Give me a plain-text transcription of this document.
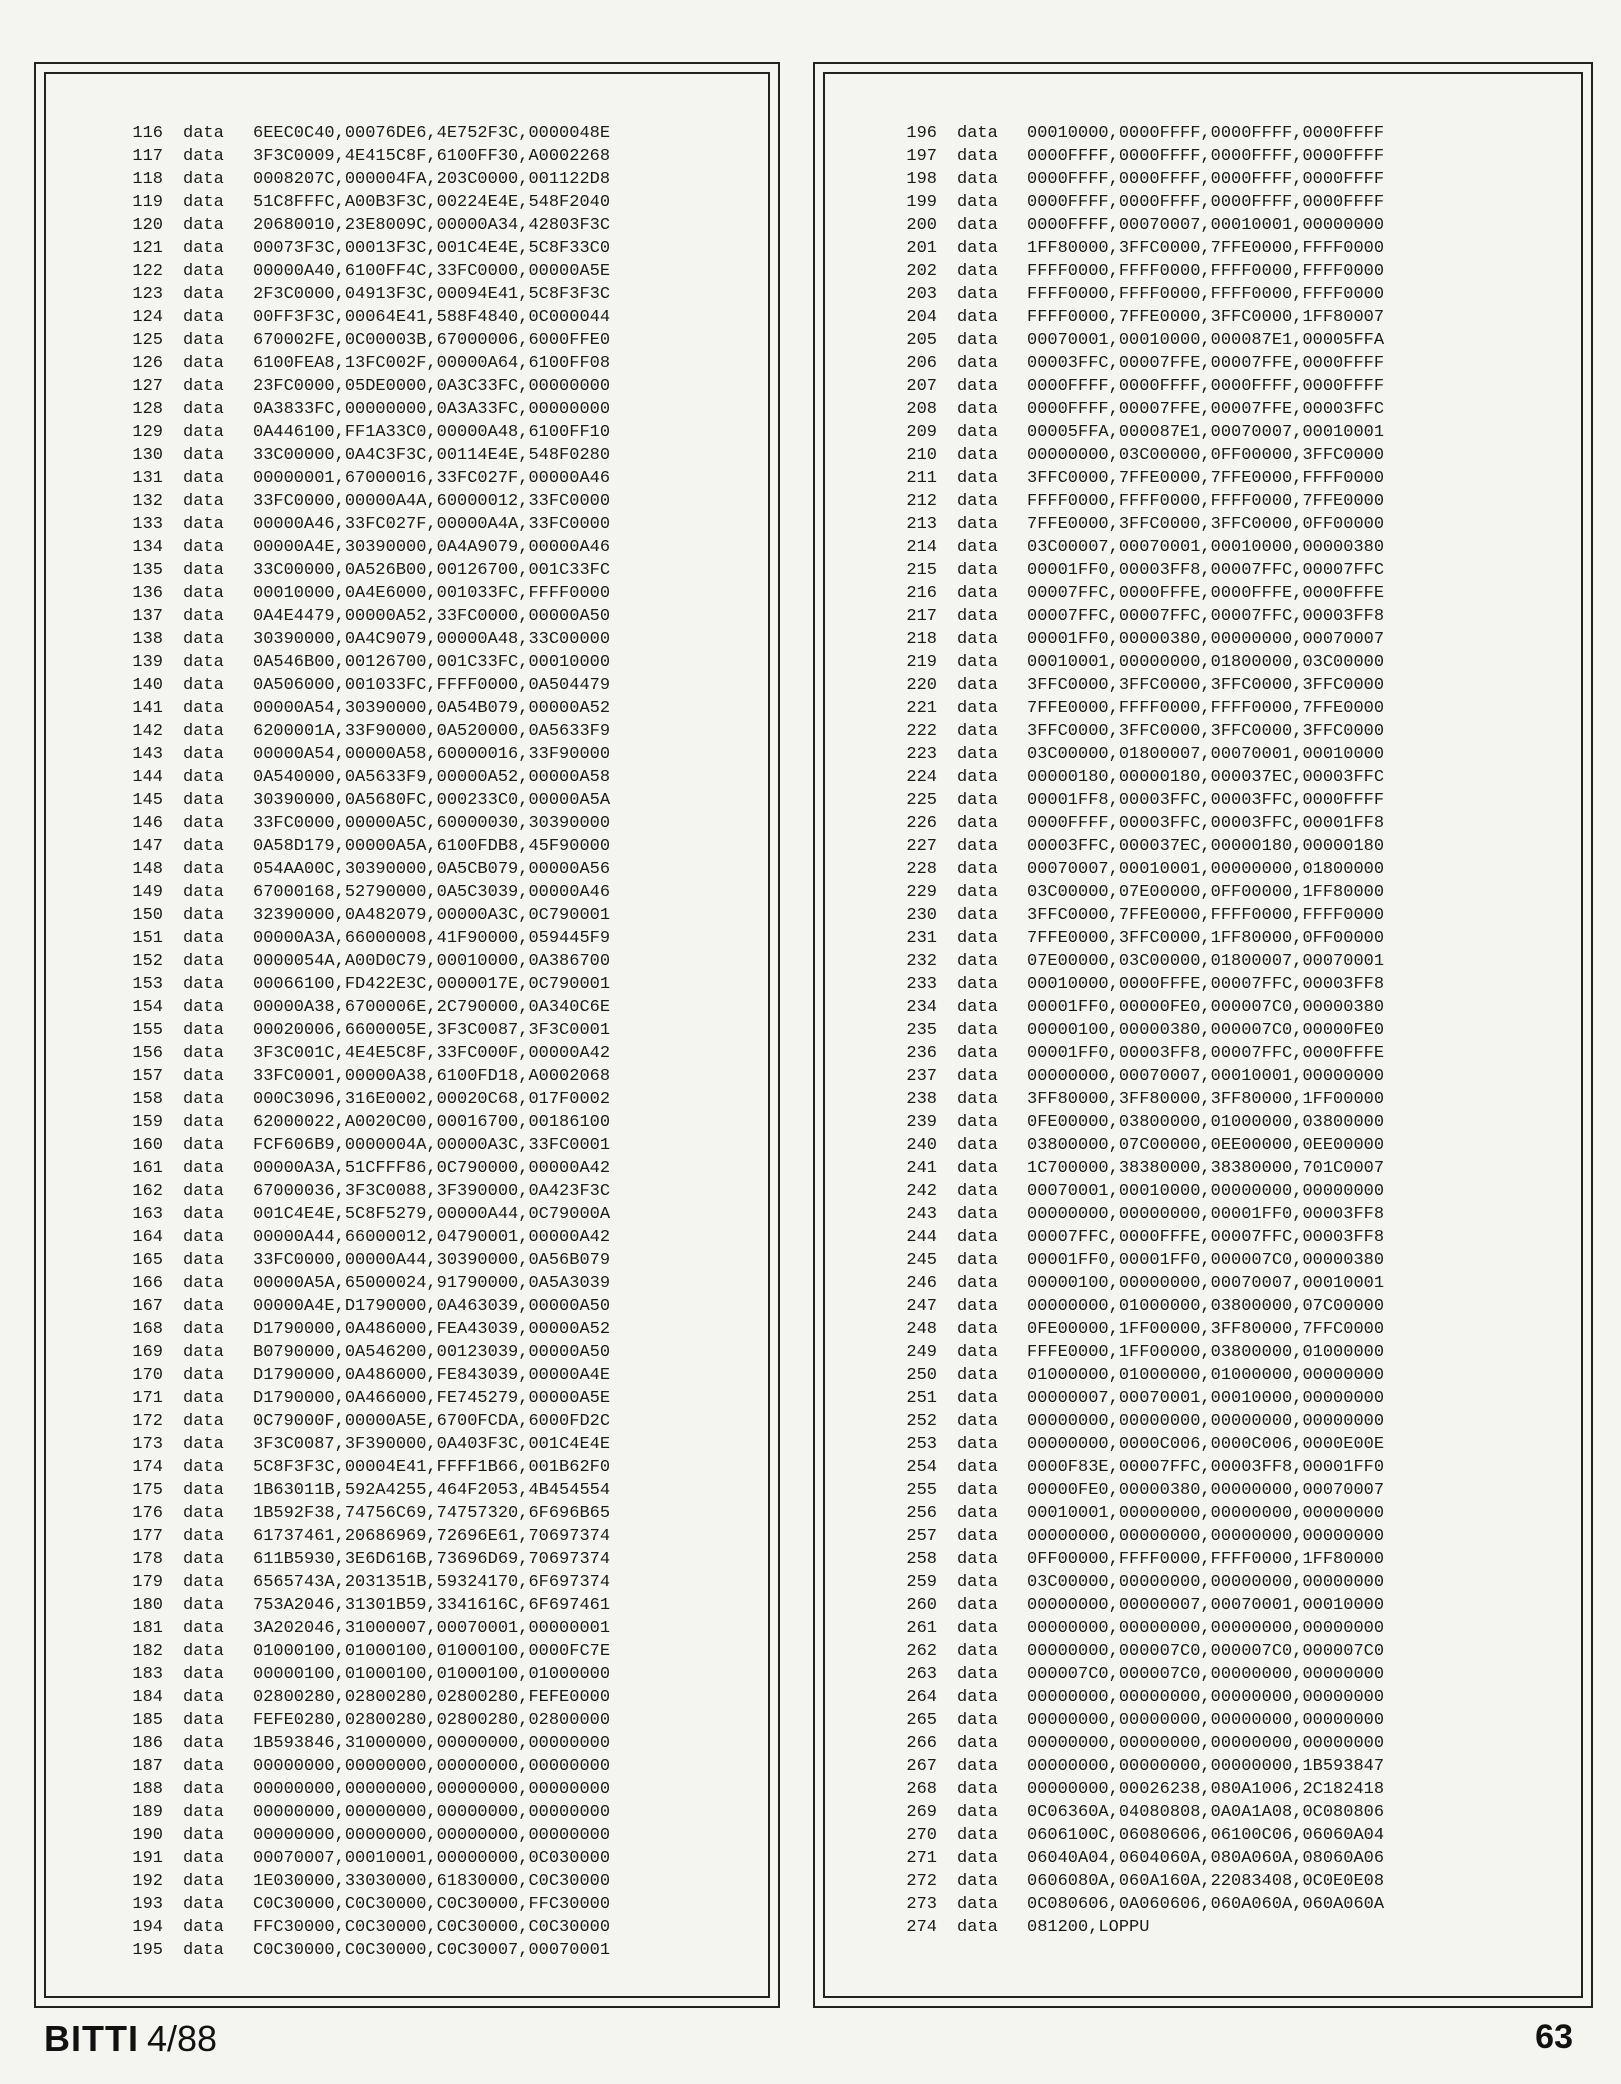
116 data 6EEC0C40,00076DE6,4E752F3C,0000048E
117 data 3F3C0009,4E415C8F,6100FF30,A0002268
118 data 0008207C,000004FA,203C0000,001122D8
119 data 51C8FFFC,A00B3F3C,00224E4E,548F2040
120 data 20680010,23E8009C,00000A34,42803F3C
121 data 00073F3C,00013F3C,001C4E4E,5C8F33C0
122 data 00000A40,6100FF4C,33FC0000,00000A5E
123 data 2F3C0000,04913F3C,00094E41,5C8F3F3C
124 data 00FF3F3C,00064E41,588F4840,0C000044
125 data 670002FE,0C00003B,67000006,6000FFE0
126 data 6100FEA8,13FC002F,00000A64,6100FF08
127 data 23FC0000,05DE0000,0A3C33FC,00000000
128 data 0A3833FC,00000000,0A3A33FC,00000000
129 data 0A446100,FF1A33C0,00000A48,6100FF10
130 data 33C00000,0A4C3F3C,00114E4E,548F0280
131 data 00000001,67000016,33FC027F,00000A46
132 data 33FC0000,00000A4A,60000012,33FC0000
133 data 00000A46,33FC027F,00000A4A,33FC0000
134 data 00000A4E,30390000,0A4A9079,00000A46
135 data 33C00000,0A526B00,00126700,001C33FC
136 data 00010000,0A4E6000,001033FC,FFFF0000
137 data 0A4E4479,00000A52,33FC0000,00000A50
138 data 30390000,0A4C9079,00000A48,33C00000
139 data 0A546B00,00126700,001C33FC,00010000
140 data 0A506000,001033FC,FFFF0000,0A504479
141 data 00000A54,30390000,0A54B079,00000A52
142 data 6200001A,33F90000,0A520000,0A5633F9
143 data 00000A54,00000A58,60000016,33F90000
144 data 0A540000,0A5633F9,00000A52,00000A58
145 data 30390000,0A5680FC,000233C0,00000A5A
146 data 33FC0000,00000A5C,60000030,30390000
147 data 0A58D179,00000A5A,6100FDB8,45F90000
148 data 054AA00C,30390000,0A5CB079,00000A56
149 data 67000168,52790000,0A5C3039,00000A46
150 data 32390000,0A482079,00000A3C,0C790001
151 data 00000A3A,66000008,41F90000,059445F9
152 data 0000054A,A00D0C79,00010000,0A386700
153 data 00066100,FD422E3C,0000017E,0C790001
154 data 00000A38,6700006E,2C790000,0A340C6E
155 data 00020006,6600005E,3F3C0087,3F3C0001
156 data 3F3C001C,4E4E5C8F,33FC000F,00000A42
157 data 33FC0001,00000A38,6100FD18,A0002068
158 data 000C3096,316E0002,00020C68,017F0002
159 data 62000022,A0020C00,00016700,00186100
160 data FCF606B9,0000004A,00000A3C,33FC0001
161 data 00000A3A,51CFFF86,0C790000,00000A42
162 data 67000036,3F3C0088,3F390000,0A423F3C
163 data 001C4E4E,5C8F5279,00000A44,0C79000A
164 data 00000A44,66000012,04790001,00000A42
165 data 33FC0000,00000A44,30390000,0A56B079
166 data 00000A5A,65000024,91790000,0A5A3039
167 data 00000A4E,D1790000,0A463039,00000A50
168 data D1790000,0A486000,FEA43039,00000A52
169 data B0790000,0A546200,00123039,00000A50
170 data D1790000,0A486000,FE843039,00000A4E
171 data D1790000,0A466000,FE745279,00000A5E
172 data 0C79000F,00000A5E,6700FCDA,6000FD2C
173 data 3F3C0087,3F390000,0A403F3C,001C4E4E
174 data 5C8F3F3C,00004E41,FFFF1B66,001B62F0
175 data 1B63011B,592A4255,464F2053,4B454554
176 data 1B592F38,74756C69,74757320,6F696B65
177 data 61737461,20686969,72696E61,70697374
178 data 611B5930,3E6D616B,73696D69,70697374
179 data 6565743A,2031351B,59324170,6F697374
180 data 753A2046,31301B59,3341616C,6F697461
181 data 3A202046,31000007,00070001,00000001
182 data 01000100,01000100,01000100,0000FC7E
183 data 00000100,01000100,01000100,01000000
184 data 02800280,02800280,02800280,FEFE0000
185 data FEFE0280,02800280,02800280,02800000
186 data 1B593846,31000000,00000000,00000000
187 data 00000000,00000000,00000000,00000000
188 data 00000000,00000000,00000000,00000000
189 data 00000000,00000000,00000000,00000000
190 data 00000000,00000000,00000000,00000000
191 data 00070007,00010001,00000000,0C030000
192 data 1E030000,33030000,61830000,C0C30000
193 data C0C30000,C0C30000,C0C30000,FFC30000
194 data FFC30000,C0C30000,C0C30000,C0C30000
195 data C0C30000,C0C30000,C0C30007,00070001
196 data 00010000,0000FFFF,0000FFFF,0000FFFF
197 data 0000FFFF,0000FFFF,0000FFFF,0000FFFF
198 data 0000FFFF,0000FFFF,0000FFFF,0000FFFF
199 data 0000FFFF,0000FFFF,0000FFFF,0000FFFF
200 data 0000FFFF,00070007,00010001,00000000
201 data 1FF80000,3FFC0000,7FFE0000,FFFF0000
202 data FFFF0000,FFFF0000,FFFF0000,FFFF0000
203 data FFFF0000,FFFF0000,FFFF0000,FFFF0000
204 data FFFF0000,7FFE0000,3FFC0000,1FF80007
205 data 00070001,00010000,000087E1,00005FFA
206 data 00003FFC,00007FFE,00007FFE,0000FFFF
207 data 0000FFFF,0000FFFF,0000FFFF,0000FFFF
208 data 0000FFFF,00007FFE,00007FFE,00003FFC
209 data 00005FFA,000087E1,00070007,00010001
210 data 00000000,03C00000,0FF00000,3FFC0000
211 data 3FFC0000,7FFE0000,7FFE0000,FFFF0000
212 data FFFF0000,FFFF0000,FFFF0000,7FFE0000
213 data 7FFE0000,3FFC0000,3FFC0000,0FF00000
214 data 03C00007,00070001,00010000,00000380
215 data 00001FF0,00003FF8,00007FFC,00007FFC
216 data 00007FFC,0000FFFE,0000FFFE,0000FFFE
217 data 00007FFC,00007FFC,00007FFC,00003FF8
218 data 00001FF0,00000380,00000000,00070007
219 data 00010001,00000000,01800000,03C00000
220 data 3FFC0000,3FFC0000,3FFC0000,3FFC0000
221 data 7FFE0000,FFFF0000,FFFF0000,7FFE0000
222 data 3FFC0000,3FFC0000,3FFC0000,3FFC0000
223 data 03C00000,01800007,00070001,00010000
224 data 00000180,00000180,000037EC,00003FFC
225 data 00001FF8,00003FFC,00003FFC,0000FFFF
226 data 0000FFFF,00003FFC,00003FFC,00001FF8
227 data 00003FFC,000037EC,00000180,00000180
228 data 00070007,00010001,00000000,01800000
229 data 03C00000,07E00000,0FF00000,1FF80000
230 data 3FFC0000,7FFE0000,FFFF0000,FFFF0000
231 data 7FFE0000,3FFC0000,1FF80000,0FF00000
232 data 07E00000,03C00000,01800007,00070001
233 data 00010000,0000FFFE,00007FFC,00003FF8
234 data 00001FF0,00000FE0,000007C0,00000380
235 data 00000100,00000380,000007C0,00000FE0
236 data 00001FF0,00003FF8,00007FFC,0000FFFE
237 data 00000000,00070007,00010001,00000000
238 data 3FF80000,3FF80000,3FF80000,1FF00000
239 data 0FE00000,03800000,01000000,03800000
240 data 03800000,07C00000,0EE00000,0EE00000
241 data 1C700000,38380000,38380000,701C0007
242 data 00070001,00010000,00000000,00000000
243 data 00000000,00000000,00001FF0,00003FF8
244 data 00007FFC,0000FFFE,00007FFC,00003FF8
245 data 00001FF0,00001FF0,000007C0,00000380
246 data 00000100,00000000,00070007,00010001
247 data 00000000,01000000,03800000,07C00000
248 data 0FE00000,1FF00000,3FF80000,7FFC0000
249 data FFFE0000,1FF00000,03800000,01000000
250 data 01000000,01000000,01000000,00000000
251 data 00000007,00070001,00010000,00000000
252 data 00000000,00000000,00000000,00000000
253 data 00000000,0000C006,0000C006,0000E00E
254 data 0000F83E,00007FFC,00003FF8,00001FF0
255 data 00000FE0,00000380,00000000,00070007
256 data 00010001,00000000,00000000,00000000
257 data 00000000,00000000,00000000,00000000
258 data 0FF00000,FFFF0000,FFFF0000,1FF80000
259 data 03C00000,00000000,00000000,00000000
260 data 00000000,00000007,00070001,00010000
261 data 00000000,00000000,00000000,00000000
262 data 00000000,000007C0,000007C0,000007C0
263 data 000007C0,000007C0,00000000,00000000
264 data 00000000,00000000,00000000,00000000
265 data 00000000,00000000,00000000,00000000
266 data 00000000,00000000,00000000,00000000
267 data 00000000,00000000,00000000,1B593847
268 data 00000000,00026238,080A1006,2C182418
269 data 0C06360A,04080808,0A0A1A08,0C080806
270 data 0606100C,06080606,06100C06,06060A04
271 data 06040A04,0604060A,080A060A,08060A06
272 data 0606080A,060A160A,22083408,0C0E0E08
273 data 0C080606,0A060606,060A060A,060A060A
274 data 081200,LOPPU
BITTI 4/88	63
